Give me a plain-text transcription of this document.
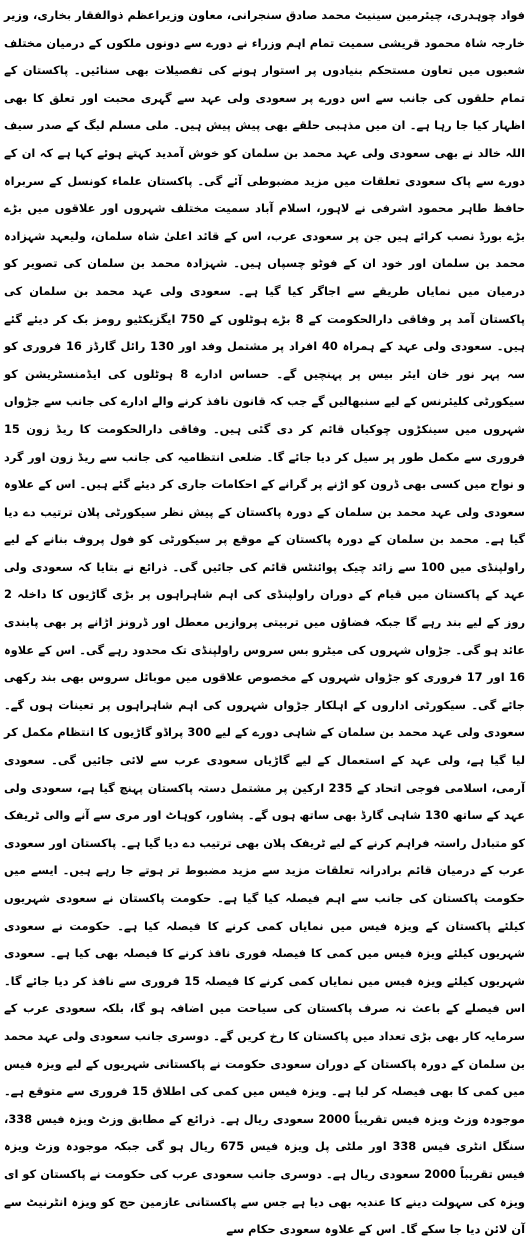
فواد چوہدری، چیئرمین سینیٹ محمد صادق سنجرانی، معاون وزیراعظم ذوالفقار بخاری، وزیر خارجہ شاہ محمود قریشی سمیت تمام اہم وزراء نے دورے سے دونوں ملکوں کے درمیان مختلف شعبوں میں تعاون مستحکم بنیادوں پر استوار ہونے کی تفصیلات بھی سنائیں۔ پاکستان کے تمام حلقوں کی جانب سے اس دورے پر سعودی ولی عہد سے گہری محبت اور تعلق کا بھی اظہار کیا جا رہا ہے۔ ان میں مذہبی حلقے بھی پیش پیش ہیں۔ ملی مسلم لیگ کے صدر سیف اللہ خالد نے بھی سعودی ولی عہد محمد بن سلمان کو خوش آمدید کہتے ہوئے کہا ہے کہ ان کے دورے سے پاک سعودی تعلقات میں مزید مضبوطی آئے گی۔ پاکستان علماء کونسل کے سربراہ حافظ طاہر محمود اشرفی نے لاہور، اسلام آباد سمیت مختلف شہروں اور علاقوں میں بڑے بڑے بورڈ نصب کرائے ہیں جن پر سعودی عرب، اس کے قائد اعلیٰ شاہ سلمان، ولیعہد شہزادہ محمد بن سلمان اور خود ان کے فوٹو چسپاں ہیں۔ شہزادہ محمد بن سلمان کی تصویر کو درمیان میں نمایاں طریقے سے اجاگر کیا گیا ہے۔ سعودی ولی عہد محمد بن سلمان کی پاکستان آمد پر وفاقی دارالحکومت کے 8 بڑے ہوٹلوں کے 750 ایگزیکٹیو رومز بک کر دیئے گئے ہیں۔ سعودی ولی عہد کے ہمراہ 40 افراد پر مشتمل وفد اور 130 رائل گارڈز 16 فروری کو سہ پہر نور خان ایئر بیس پر پہنچیں گے۔ حساس ادارے 8 ہوٹلوں کی ایڈمنسٹریشن کو سیکورٹی کلیئرنس کے لیے سنبھالیں گے جب کہ قانون نافذ کرنے والے ادارے کی جانب سے جڑواں شہروں میں سینکڑوں چوکیاں قائم کر دی گئی ہیں۔ وفاقی دارالحکومت کا ریڈ زون 15 فروری سے مکمل طور پر سیل کر دیا جائے گا۔ ضلعی انتظامیہ کی جانب سے ریڈ زون اور گرد و نواح میں کسی بھی ڈرون کو اڑنے پر گرانے کے احکامات جاری کر دیئے گئے ہیں۔ اس کے علاوہ سعودی ولی عہد محمد بن سلمان کے دورہ پاکستان کے پیش نظر سیکورٹی پلان ترتیب دے دیا گیا ہے۔ محمد بن سلمان کے دورہ پاکستان کے موقع پر سیکورٹی کو فول پروف بنانے کے لیے راولپنڈی میں 100 سے زائد چیک پوائنٹس قائم کی جائیں گی۔ ذرائع نے بتایا کہ سعودی ولی عہد کے پاکستان میں قیام کے دوران راولپنڈی کی اہم شاہراہوں پر بڑی گاڑیوں کا داخلہ 2 روز کے لیے بند رہے گا جبکہ فضاؤں میں تربیتی پروازیں معطل اور ڈرونز اڑانے پر بھی پابندی عائد ہو گی۔ جڑواں شہروں کی میٹرو بس سروس راولپنڈی تک محدود رہے گی۔ اس کے علاوہ 16 اور 17 فروری کو جڑواں شہروں کے مخصوص علاقوں میں موبائل سروس بھی بند رکھی جائے گی۔ سیکورٹی اداروں کے اہلکار جڑواں شہروں کی اہم شاہراہوں پر تعینات ہوں گے۔ سعودی ولی عہد محمد بن سلمان کے شاہی دورے کے لیے 300 پراڈو گاڑیوں کا انتظام مکمل کر لیا گیا ہے، ولی عہد کے استعمال کے لیے گاڑیاں سعودی عرب سے لائی جائیں گی۔ سعودی آرمی، اسلامی فوجی اتحاد کے 235 ارکین پر مشتمل دستہ پاکستان پہنچ گیا ہے، سعودی ولی عہد کے ساتھ 130 شاہی گارڈ بھی ساتھ ہوں گے۔ پشاور، کوہاٹ اور مری سے آنے والی ٹریفک کو متبادل راستہ فراہم کرنے کے لیے ٹریفک پلان بھی ترتیب دے دیا گیا ہے۔ پاکستان اور سعودی عرب کے درمیان قائم برادرانہ تعلقات مزید سے مزید مضبوط تر ہوتے جا رہے ہیں۔ ایسے میں حکومت پاکستان کی جانب سے اہم فیصلہ کیا گیا ہے۔ حکومت پاکستان نے سعودی شہریوں کیلئے پاکستان کے ویزہ فیس میں نمایاں کمی کرنے کا فیصلہ کیا ہے۔ حکومت نے سعودی شہریوں کیلئے ویزہ فیس میں کمی کا فیصلہ فوری نافذ کرنے کا فیصلہ بھی کیا ہے۔ سعودی شہریوں کیلئے ویزہ فیس میں نمایاں کمی کرنے کا فیصلہ 15 فروری سے نافذ کر دیا جائے گا۔ اس فیصلے کے باعث نہ صرف پاکستان کی سیاحت میں اضافہ ہو گا، بلکہ سعودی عرب کے سرمایہ کار بھی بڑی تعداد میں پاکستان کا رخ کریں گے۔ دوسری جانب سعودی ولی عہد محمد بن سلمان کے دورہ پاکستان کے دوران سعودی حکومت نے پاکستانی شہریوں کے لیے ویزہ فیس میں کمی کا بھی فیصلہ کر لیا ہے۔ ویزہ فیس میں کمی کی اطلاق 15 فروری سے متوقع ہے۔ موجودہ وزٹ ویزہ فیس تقریباً 2000 سعودی ریال ہے۔ ذرائع کے مطابق وزٹ ویزہ فیس 338، سنگل انٹری فیس 338 اور ملٹی پل ویزہ فیس 675 ریال ہو گی جبکہ موجودہ وزٹ ویزہ فیس تقریباً 2000 سعودی ریال ہے۔ دوسری جانب سعودی عرب کی حکومت نے پاکستان کو ای ویزہ کی سہولت دینے کا عندیہ بھی دیا ہے جس سے پاکستانی عازمین حج کو ویزہ انٹرنیٹ سے آن لائن دیا جا سکے گا۔ اس کے علاوہ سعودی حکام سے
